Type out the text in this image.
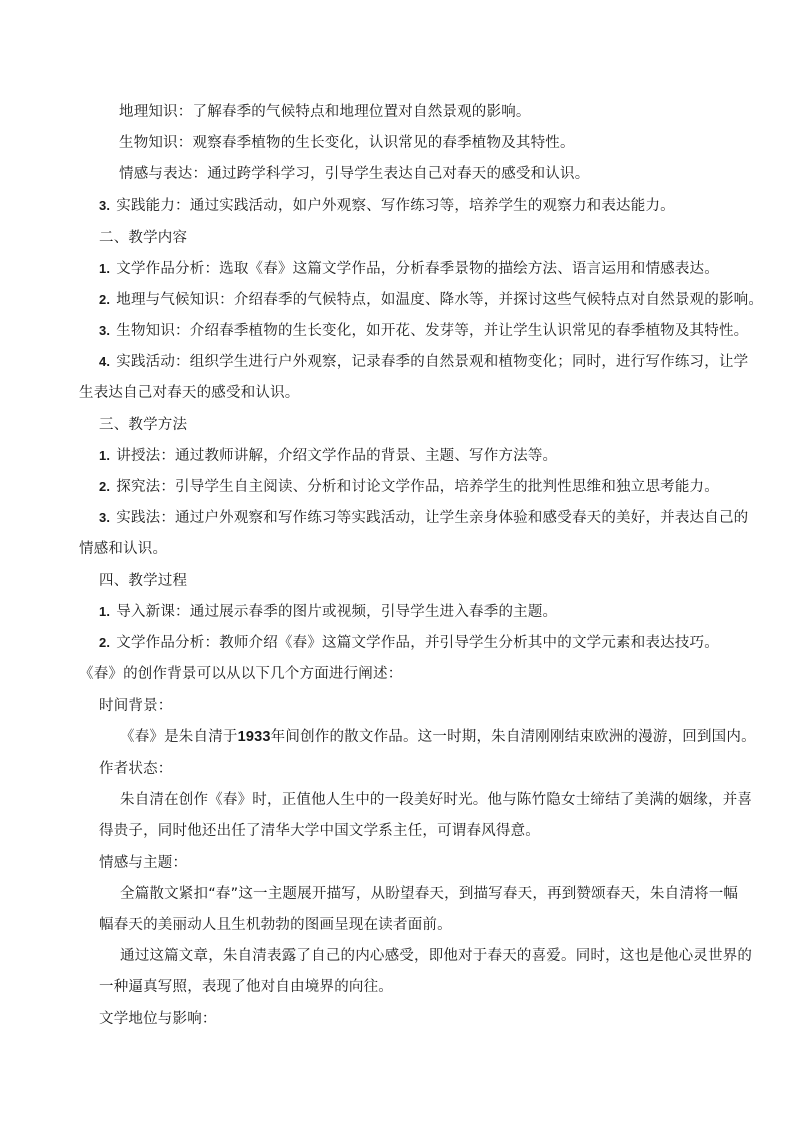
地理知识：了解春季的气候特点和地理位置对自然景观的影响。
生物知识：观察春季植物的生长变化，认识常见的春季植物及其特性。
情感与表达：通过跨学科学习，引导学生表达自己对春天的感受和认识。
3. 实践能力：通过实践活动，如户外观察、写作练习等，培养学生的观察力和表达能力。
二、教学内容
1. 文学作品分析：选取《春》这篇文学作品，分析春季景物的描绘方法、语言运用和情感表达。
2. 地理与气候知识：介绍春季的气候特点，如温度、降水等，并探讨这些气候特点对自然景观的影响。
3. 生物知识：介绍春季植物的生长变化，如开花、发芽等，并让学生认识常见的春季植物及其特性。
4. 实践活动：组织学生进行户外观察，记录春季的自然景观和植物变化；同时，进行写作练习，让学
生表达自己对春天的感受和认识。
三、教学方法
1. 讲授法：通过教师讲解，介绍文学作品的背景、主题、写作方法等。
2. 探究法：引导学生自主阅读、分析和讨论文学作品，培养学生的批判性思维和独立思考能力。
3. 实践法：通过户外观察和写作练习等实践活动，让学生亲身体验和感受春天的美好，并表达自己的
情感和认识。
四、教学过程
1. 导入新课：通过展示春季的图片或视频，引导学生进入春季的主题。
2. 文学作品分析：教师介绍《春》这篇文学作品，并引导学生分析其中的文学元素和表达技巧。
《春》的创作背景可以从以下几个方面进行阐述：
时间背景：
《春》是朱自清于1933年间创作的散文作品。这一时期，朱自清刚刚结束欧洲的漫游，回到国内。
作者状态：
朱自清在创作《春》时，正值他人生中的一段美好时光。他与陈竹隐女士缔结了美满的姻缘，并喜
得贵子，同时他还出任了清华大学中国文学系主任，可谓春风得意。
情感与主题：
全篇散文紧扣“春”这一主题展开描写，从盼望春天，到描写春天，再到赞颂春天，朱自清将一幅
幅春天的美丽动人且生机勃勃的图画呈现在读者面前。
通过这篇文章，朱自清表露了自己的内心感受，即他对于春天的喜爱。同时，这也是他心灵世界的
一种逼真写照，表现了他对自由境界的向往。
文学地位与影响：
